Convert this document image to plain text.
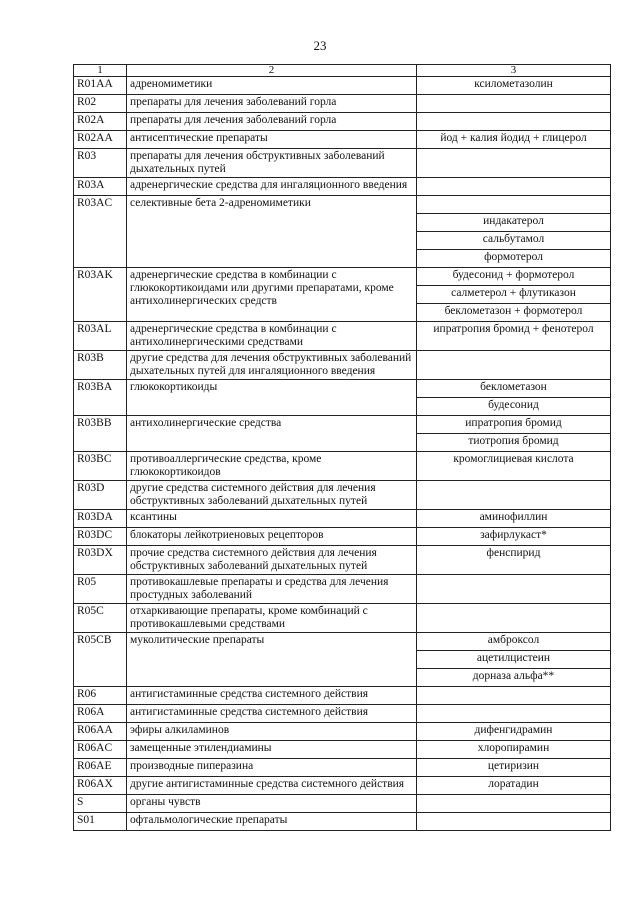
23
1	2	3
R01AA	адреномиметики	ксилометазолин

R02	препараты для лечения заболеваний горла	

R02A	препараты для лечения заболеваний горла	

R02AA	антисептические препараты	йод + калия йодид + глицерол

R03	препараты для лечения обструктивных заболеваний дыхательных путей	

R03A	адренергические средства для ингаляционного введения	

R03AC	селективные бета 2-адреномиметики	индакатерол
сальбутамол
формотерол

R03AK	адренергические средства в комбинации с глюкокортикоидами или другими препаратами, кроме антихолинергических средств	будесонид + формотерол
салметерол + флутиказон
беклометазон + формотерол

R03AL	адренергические средства в комбинации с антихолинергическими средствами	ипратропия бромид + фенотерол

R03B	другие средства для лечения обструктивных заболеваний дыхательных путей для ингаляционного введения	

R03BA	глюкокортикоиды	беклометазон
будесонид

R03BB	антихолинергические средства	ипратропия бромид
тиотропия бромид

R03BC	противоаллергические средства, кроме глюкокортикоидов	кромоглициевая кислота

R03D	другие средства системного действия для лечения обструктивных заболеваний дыхательных путей	

R03DA	ксантины	аминофиллин

R03DC	блокаторы лейкотриеновых рецепторов	зафирлукаст*

R03DX	прочие средства системного действия для лечения обструктивных заболеваний дыхательных путей	фенспирид

R05	противокашлевые препараты и средства для лечения простудных заболеваний	

R05C	отхаркивающие препараты, кроме комбинаций с противокашлевыми средствами	

R05CB	муколитические препараты	амброксол
ацетилцистеин
дорназа альфа**

R06	антигистаминные средства системного действия	

R06A	антигистаминные средства системного действия	

R06AA	эфиры алкиламинов	дифенгидрамин

R06AC	замещенные этилендиамины	хлоропирамин

R06AE	производные пиперазина	цетиризин

R06AX	другие антигистаминные средства системного действия	лоратадин

S	органы чувств	

S01	офтальмологические препараты	
